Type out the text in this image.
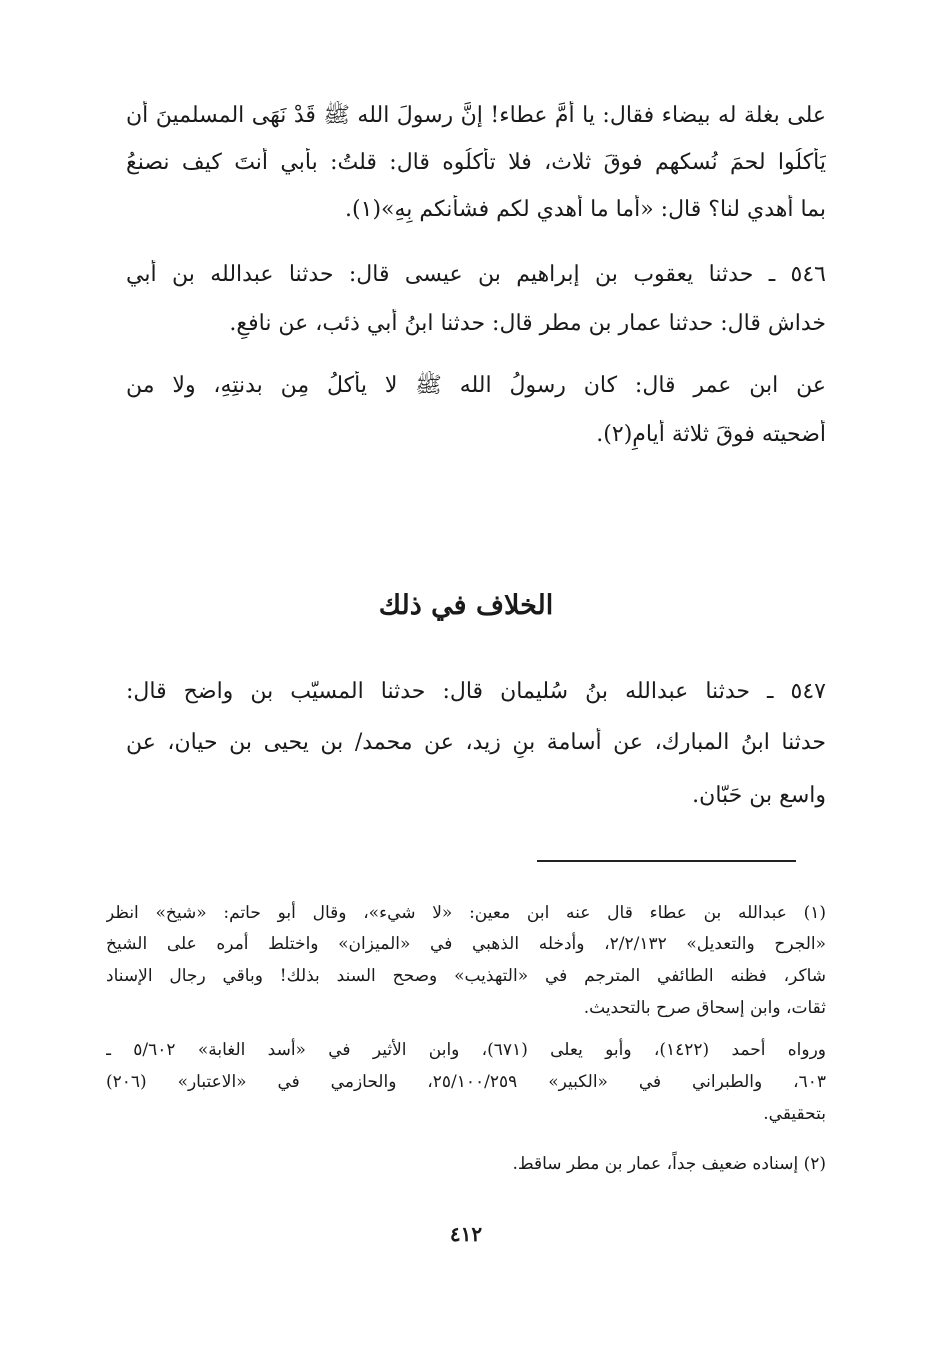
على بغلة له بيضاء فقال: يا أمَّ عطاء! إنَّ رسولَ الله ﷺ قَدْ نَهَى المسلمينَ أن
يَأْكلُوا لحمَ نُسكهم فوقَ ثلاث، فلا تأكلُوه قال: قلتُ: بأبي أنتَ كيف نصنعُ
بما أُهدي لنا؟ قال: «أما ما أُهدي لكم فشأنكم بِهِ»(١).
٥٤٦ ـ حدثنا يعقوب بن إبراهيم بن عيسى قال: حدثنا عبدالله بن أبي
خداش قال: حدثنا عمار بن مطر قال: حدثنا ابنُ أبي ذئب، عن نافعٍ.
عن ابن عمر قال: كان رسولُ الله ﷺ لا يأكلُ مِن بدنتِهِ، ولا من
أُضحيته فوقَ ثلاثة أيامٍ(٢).
الخلاف في ذلك
٥٤٧ ـ حدثنا عبدالله بنُ سُليمان قال: حدثنا المسيّب بن واضح قال:
حدثنا ابنُ المبارك، عن أسامة بنِ زيد، عن محمد/ بن يحيى بن حيان، عن
واسع بن حَبّان.
(١) عبدالله بن عطاء قال عنه ابن معين: «لا شيء»، وقال أبو حاتم: «شيخ» انظر
«الجرح والتعديل» ٢/٢/١٣٢، وأدخله الذهبي في «الميزان» واختلط أمره على الشيخ
شاكر، فظنه الطائفي المترجم في «التهذيب» وصحح السند بذلك! وباقي رجال الإسناد
ثقات، وابن إسحاق صرح بالتحديث.
ورواه أحمد (١٤٢٢)، وأبو يعلى (٦٧١)، وابن الأثير في «أسد الغابة» ٥/٦٠٢ ـ
٦٠٣، والطبراني في «الكبير» ٢٥/١٠٠/٢٥٩، والحازمي في «الاعتبار» (٢٠٦)
بتحقيقي.
(٢) إسناده ضعيف جداً، عمار بن مطر ساقط.
٤١٢
